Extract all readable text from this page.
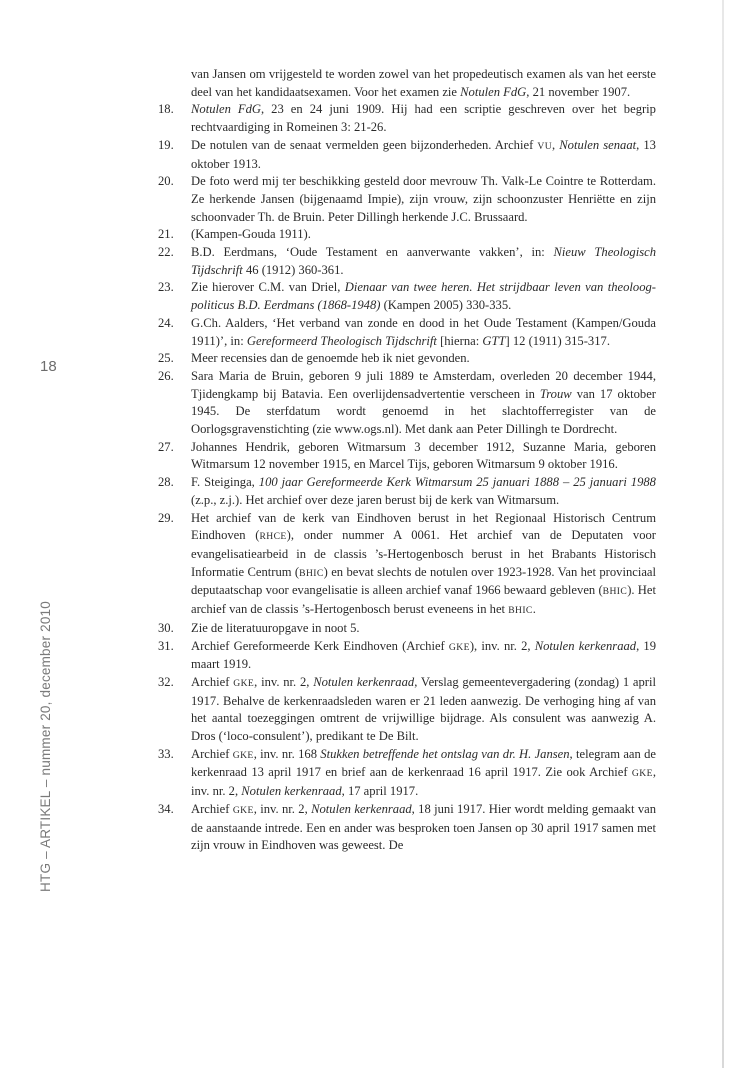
18
HTG – ARTIKEL – nummer 20, december 2010
van Jansen om vrijgesteld te worden zowel van het propedeutisch examen als van het eerste deel van het kandidaatsexamen. Voor het examen zie Notulen FdG, 21 november 1907.
18.	Notulen FdG, 23 en 24 juni 1909. Hij had een scriptie geschreven over het begrip rechtvaardiging in Romeinen 3: 21-26.
19.	De notulen van de senaat vermelden geen bijzonderheden. Archief VU, Notulen senaat, 13 oktober 1913.
20.	De foto werd mij ter beschikking gesteld door mevrouw Th. Valk-Le Cointre te Rotterdam. Ze herkende Jansen (bijgenaamd Impie), zijn vrouw, zijn schoonzuster Henriëtte en zijn schoonvader Th. de Bruin. Peter Dillingh herkende J.C. Brussaard.
21.	(Kampen-Gouda 1911).
22.	B.D. Eerdmans, ‘Oude Testament en aanverwante vakken’, in: Nieuw Theologisch Tijdschrift 46 (1912) 360-361.
23.	Zie hierover C.M. van Driel, Dienaar van twee heren. Het strijdbaar leven van theoloog-politicus B.D. Eerdmans (1868-1948) (Kampen 2005) 330-335.
24.	G.Ch. Aalders, ‘Het verband van zonde en dood in het Oude Testament (Kampen/Gouda 1911)’, in: Gereformeerd Theologisch Tijdschrift [hierna: GTT] 12 (1911) 315-317.
25.	Meer recensies dan de genoemde heb ik niet gevonden.
26.	Sara Maria de Bruin, geboren 9 juli 1889 te Amsterdam, overleden 20 december 1944, Tjidengkamp bij Batavia. Een overlijdensadvertentie verscheen in Trouw van 17 oktober 1945. De sterfdatum wordt genoemd in het slachtofferregister van de Oorlogsgravenstichting (zie www.ogs.nl). Met dank aan Peter Dillingh te Dordrecht.
27.	Johannes Hendrik, geboren Witmarsum 3 december 1912, Suzanne Maria, geboren Witmarsum 12 november 1915, en Marcel Tijs, geboren Witmarsum 9 oktober 1916.
28.	F. Steiginga, 100 jaar Gereformeerde Kerk Witmarsum 25 januari 1888 – 25 januari 1988 (z.p., z.j.). Het archief over deze jaren berust bij de kerk van Witmarsum.
29.	Het archief van de kerk van Eindhoven berust in het Regionaal Historisch Centrum Eindhoven (RHCE), onder nummer A 0061. Het archief van de Deputaten voor evangelisatiearbeid in de classis ’s-Hertogenbosch berust in het Brabants Historisch Informatie Centrum (BHIC) en bevat slechts de notulen over 1923-1928. Van het provinciaal deputaatschap voor evangelisatie is alleen archief vanaf 1966 bewaard gebleven (BHIC). Het archief van de classis ’s-Hertogenbosch berust eveneens in het BHIC.
30.	Zie de literatuuropgave in noot 5.
31.	Archief Gereformeerde Kerk Eindhoven (Archief GKE), inv. nr. 2, Notulen kerkenraad, 19 maart 1919.
32.	Archief GKE, inv. nr. 2, Notulen kerkenraad, Verslag gemeentevergadering (zondag) 1 april 1917. Behalve de kerkenraadsleden waren er 21 leden aanwezig. De verhoging hing af van het aantal toezeggingen omtrent de vrijwillige bijdrage. Als consulent was aanwezig A. Dros (‘loco-consulent’), predikant te De Bilt.
33.	Archief GKE, inv. nr. 168 Stukken betreffende het ontslag van dr. H. Jansen, telegram aan de kerkenraad 13 april 1917 en brief aan de kerkenraad 16 april 1917. Zie ook Archief GKE, inv. nr. 2, Notulen kerkenraad, 17 april 1917.
34.	Archief GKE, inv. nr. 2, Notulen kerkenraad, 18 juni 1917. Hier wordt melding gemaakt van de aanstaande intrede. Een en ander was besproken toen Jansen op 30 april 1917 samen met zijn vrouw in Eindhoven was geweest. De
